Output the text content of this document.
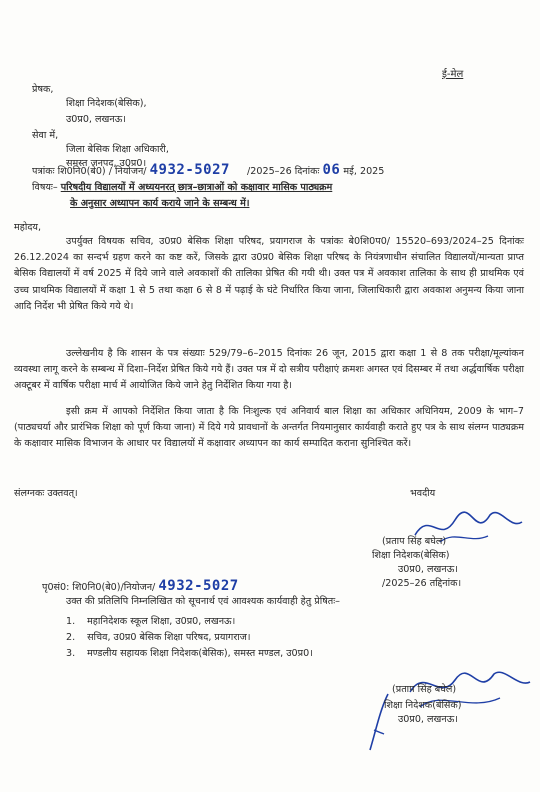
ई-मेल
प्रेषक,
शिक्षा निदेशक(बेसिक),
उ0प्र0, लखनऊ।
सेवा में,
जिला बेसिक शिक्षा अधिकारी,
समस्त जनपद, उ0प्र0।
पत्रांकः शि0नि0(बे0) / नियोजन/ 4932-5027 /2025–26 दिनांकः 06 मई, 2025
विषयः– परिषदीय विद्यालयों में अध्ययनरत् छात्र–छात्राओं को कक्षावार मासिक पाठ्यक्रम
के अनुसार अध्यापन कार्य कराये जाने के सम्बन्ध में।
महोदय,
उपर्युक्त विषयक सचिव, उ0प्र0 बेसिक शिक्षा परिषद, प्रयागराज के पत्रांकः बे0शि0प0/ 15520–693/2024–25 दिनांकः 26.12.2024 का सन्दर्भ ग्रहण करने का कष्ट करें, जिसके द्वारा उ0प्र0 बेसिक शिक्षा परिषद के नियंत्रणाधीन संचालित विद्यालयों/मान्यता प्राप्त बेसिक विद्यालयों में वर्ष 2025 में दिये जाने वाले अवकाशों की तालिका प्रेषित की गयी थी। उक्त पत्र में अवकाश तालिका के साथ ही प्राथमिक एवं उच्च प्राथमिक विद्यालयों में कक्षा 1 से 5 तथा कक्षा 6 से 8 में पढ़ाई के घंटे निर्धारित किया जाना, जिलाधिकारी द्वारा अवकाश अनुमन्य किया जाना आदि निर्देश भी प्रेषित किये गये थे।
उल्लेखनीय है कि शासन के पत्र संख्याः 529/79–6–2015 दिनांकः 26 जून, 2015 द्वारा कक्षा 1 से 8 तक परीक्षा/मूल्यांकन व्यवस्था लागू करने के सम्बन्ध में दिशा–निर्देश प्रेषित किये गये हैं। उक्त पत्र में दो सत्रीय परीक्षाएं क्रमशः अगस्त एवं दिसम्बर में तथा अर्द्धवार्षिक परीक्षा अक्टूबर में वार्षिक परीक्षा मार्च में आयोजित किये जाने हेतु निर्देशित किया गया है।
इसी क्रम में आपको निर्देशित किया जाता है कि निःशुल्क एवं अनिवार्य बाल शिक्षा का अधिकार अधिनियम, 2009 के भाग–7 (पाठ्यचर्या और प्रारंभिक शिक्षा को पूर्ण किया जाना) में दिये गये प्रावधानों के अन्तर्गत नियमानुसार कार्यवाही कराते हुए पत्र के साथ संलग्न पाठ्यक्रम के कक्षावार मासिक विभाजन के आधार पर विद्यालयों में कक्षावार अध्यापन का कार्य सम्पादित कराना सुनिश्चित करें।
संलग्नकः उक्तवत्।	भवदीय
(प्रताप सिंह बघेल)
शिक्षा निदेशक(बेसिक)
उ0प्र0, लखनऊ।
/2025–26 तद्दिनांक।
पृ0सं0: शि0नि0(बे0)/नियोजन/ 4932-5027
उक्त की प्रतिलिपि निम्नलिखित को सूचनार्थ एवं आवश्यक कार्यवाही हेतु प्रेषितः–
1. महानिदेशक स्कूल शिक्षा, उ0प्र0, लखनऊ।
2. सचिव, उ0प्र0 बेसिक शिक्षा परिषद, प्रयागराज।
3. मण्डलीय सहायक शिक्षा निदेशक(बेसिक), समस्त मण्डल, उ0प्र0।
(प्रताप सिंह बघेल)
शिक्षा निदेशक(बेसिक)
उ0प्र0, लखनऊ।
